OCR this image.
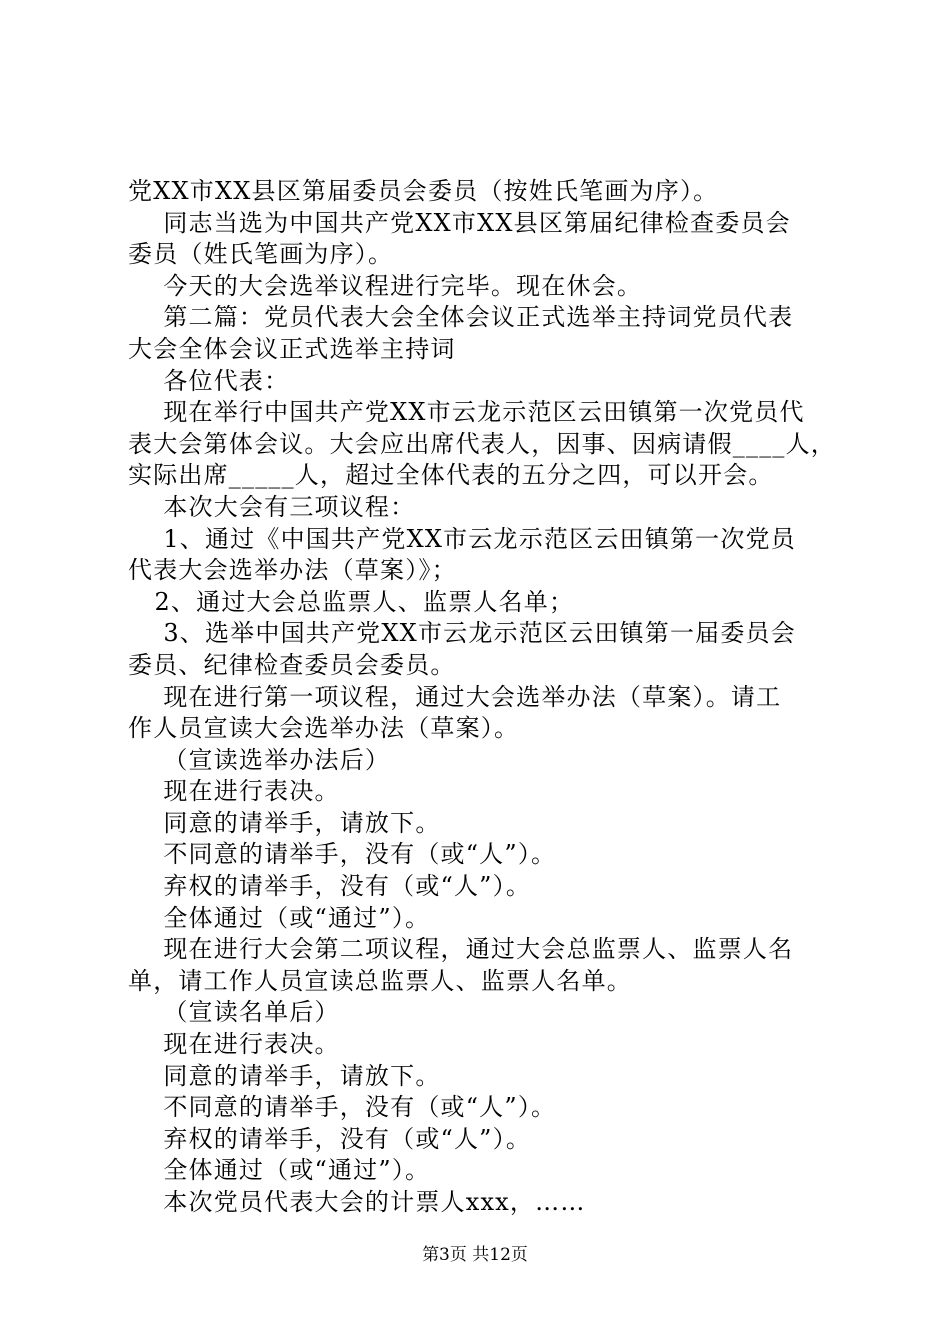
党XX市XX县区第届委员会委员（按姓氏笔画为序）。
同志当选为中国共产党XX市XX县区第届纪律检查委员会
委员（姓氏笔画为序）。
今天的大会选举议程进行完毕。现在休会。
第二篇：党员代表大会全体会议正式选举主持词党员代表
大会全体会议正式选举主持词
各位代表：
现在举行中国共产党XX市云龙示范区云田镇第一次党员代
表大会第体会议。大会应出席代表人，因事、因病请假____人，
实际出席_____人，超过全体代表的五分之四，可以开会。
本次大会有三项议程：
1、通过《中国共产党XX市云龙示范区云田镇第一次党员
代表大会选举办法（草案）》；
2、通过大会总监票人、监票人名单；
3、选举中国共产党XX市云龙示范区云田镇第一届委员会
委员、纪律检查委员会委员。
现在进行第一项议程，通过大会选举办法（草案）。请工
作人员宣读大会选举办法（草案）。
（宣读选举办法后）
现在进行表决。
同意的请举手，请放下。
不同意的请举手，没有（或“人”）。
弃权的请举手，没有（或“人”）。
全体通过（或“通过”）。
现在进行大会第二项议程，通过大会总监票人、监票人名
单，请工作人员宣读总监票人、监票人名单。
（宣读名单后）
现在进行表决。
同意的请举手，请放下。
不同意的请举手，没有（或“人”）。
弃权的请举手，没有（或“人”）。
全体通过（或“通过”）。
本次党员代表大会的计票人xxx，……
第3页 共12页
